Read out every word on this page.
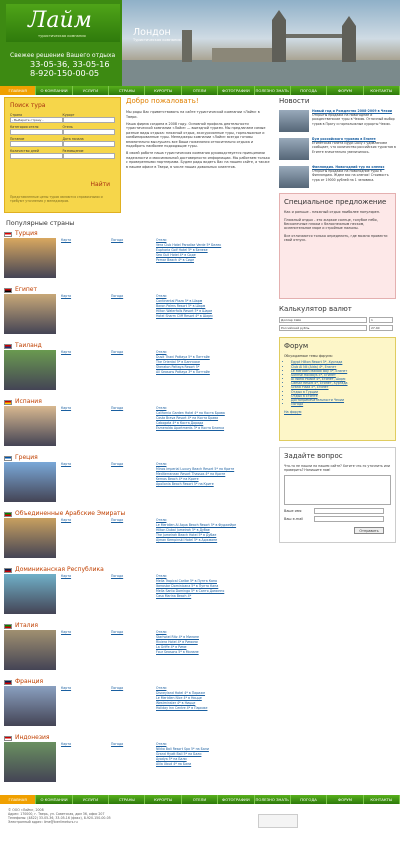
Лайм
туристическая компания
Свежее решение Вашего отдыха
33-05-36, 33-05-16
8-920-150-00-05
Лондон
Туристическая компания
ГЛАВНАЯ	О КОМПАНИИ	УСЛУГИ	СТРАНЫ	КУРОРТЫ	ОТЕЛИ	ФОТОГРАФИИ	ПОЛЕЗНО ЗНАТЬ	ПОГОДА	ФОРУМ	КОНТАКТЫ
Поиск тура
Страна	Курорт
- Выберите страну -
Категория отеля	Отель
Питание	Дата начала
Количество дней	Размещение
Найти
Представленные цены туров являются справочными и требуют уточнения у менеджеров.
Популярные страны
Добро пожаловать!

Мы рады Вас приветствовать на сайте туристической компании «Лайм» в Твери.

Наша фирма создана в 2008 году. Основной профиль деятельности туристической компании «Лайм» — выездной туризм. Мы предлагаем самые разные виды отдыха: пляжный отдых, экскурсионные туры, горнолыжные и комбинированные туры. Менеджеры компании «Лайм» всегда готовы внимательно выслушать все Ваши пожелания относительно отдыха и подобрать наиболее подходящие туры.

В своей работе наша туристическая компания руководствуется принципами надежности и максимальной достоверности информации. Мы работаем только с проверенными партнерами. Будем рады видеть Вас на нашем сайте, а также в нашем офисе в Твери, в числе наших довольных клиентов.

Турция
Карта	Погода	Отели
Vera Club Hotel Paradise Verde 5* Белек
Euphoria Golf Hotel 5* в Белеке
Sea Gull Hotel 4* в Сиде
Pemar Beach 4* в Сиде
Египет
Карта	Погода	Отели
Continental Plaza 5* в Шарм
Baron Palms Resort 5* в Шарм
Hilton Waterfalls Resort 5* в Шарм
Hotel Sharm Cliff Resort 4* в Шарм
Таиланд
Карта	Погода	Отели
Dusit Thani Pattaya 5* в Паттайе
The Oriental 5* в Бангкоке
Sheraton Pattaya Resort 5*
All Seasons Pattaya 3* в Паттайе
Испания
Карта	Погода	Отели
California Garden Hotel 4* на Коста Брава
Costa Brava Resort 4* на Коста Брава
Cabogata 4* в Коста Дорада
Esmeralda Apartments 3* в Коста Бланка
Греция
Карта	Погода	Отели
Minos Imperial Luxury Beach Resort 5* на Крите
Mediterranean Resort Thassos 4* на Крите
Kernos Beach 4* на Крите
Apollonia Beach Resort 5* на Крите
Объединенные Арабские Эмираты
Карта	Погода	Отели
Le Meridien Al Aqua Beach Resort 5* в Фуджейре
Hilton Dubai Jumeirah 5* в Дубае
The Jumeirah Beach Hotel 5* в Дубае
Ajman Kempinski Hotel 5* в Аджмане
Доминиканская Республика
Карта	Погода	Отели
Melia Tropical Caribe 5* в Пунта Кана
Iberostar Dominicana 5* в Пунта Кана
Melia Santo Domingo 5* в Санто Доминго
Casa Marina Beach 4*
Италия
Карта	Погода	Отели
Starhotel Ritz 4* в Милане
Riviera Hotel 4* в Римини
La Griffe 4* в Риме
Four Seasons 5* в Милане
Франция
Карта	Погода	Отели
Disneyland Hotel 4* в Париже
Le Meridien Nice 4* в Ницце
Westminster 4* в Ницце
Holiday Inn Centre 4* в Париже
Индонезия
Карта	Погода	Отели
Nikko Bali Resort Spa 5* на Бали
Grand Hyatt Bali 5* на Бали
Ayodya 5* на Бали
Alila Ubud 4* на Бали
Новости
Новый год и Рождество 2008-2009 в Чехии
Открыты продажи на новогодние и рождественские туры в Чехию. Отличный выбор туров в Прагу и горнолыжные курорты Чехии.
Бум российского туризма в Египте
Египетская газета Egypt Daily с удивлением сообщает, что количество российских туристов в Египте значительно увеличилось.
Финляндия. Новогодний тур на оленях
Открыты продажи на Новогодние туры в Финляндию. Ждем вас на оленях! Стоимость тура от 19000 рублей на 1 человека.
Специальное предложение

Как и раньше - пляжный отдых наиболее популярен.

Пляжный отдых - это жаркое солнце, голубое небо, бесконечные пляжи с белоснежным песком, ослепительное море и стройные пальмы.

Все отличаются только определить, где можно провести свой отпуск.

Калькулятор валют
Доллар США	1
Российский рубль	27.40
Форум
Обсуждаемые темы форума:
• Egypt Hilton Resort 5*, Хургада
• Club Al Nil (Aida) 4*, Египет
• Le Meridien Makadi Bay 5*, Египет
• Sunrise Holidays 5*, Египет
• Al Waha Palace 4*, Египет, Шарм
• Caesar Resort 4*, Египет, Хургада
• Grand Plaza 5*, Египет
• Отдых в Турции
• Отдых в Египте
• Достопримечательности Чехии
• Погода
На форум
Задайте вопрос
Что-то не нашли на нашем сайте? Хотите что-то уточнить или проверить? Напишите нам!
Ваше имя
Ваш e-mail
Отправить
ГЛАВНАЯ	О КОМПАНИИ	УСЛУГИ	СТРАНЫ	КУРОРТЫ	ОТЕЛИ	ФОТОГРАФИИ	ПОЛЕЗНО ЗНАТЬ	ПОГОДА	ФОРУМ	КОНТАКТЫ
© ООО «Лайм», 2008
Адрес: 170000, г. Тверь, ул. Советская, дом 36, офис 207
Телефоны: (4822) 33-05-36, 33-05-16 (факс), 8-920-150-00-05
Электронный адрес: lime@tverlimeturs.ru
